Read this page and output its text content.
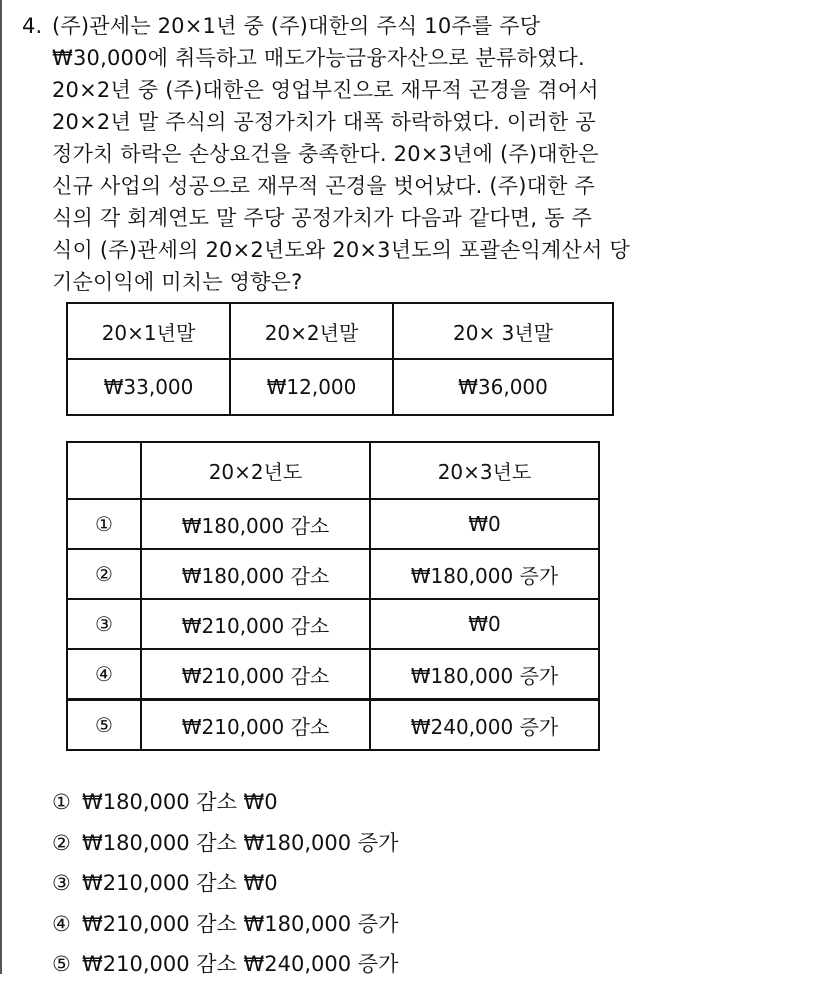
4. (주)관세는 20×1년 중 (주)대한의 주식 10주를 주당
₩30,000에 취득하고 매도가능금융자산으로 분류하였다.
20×2년 중 (주)대한은 영업부진으로 재무적 곤경을 겪어서
20×2년 말 주식의 공정가치가 대폭 하락하였다. 이러한 공
정가치 하락은 손상요건을 충족한다. 20×3년에 (주)대한은
신규 사업의 성공으로 재무적 곤경을 벗어났다. (주)대한 주
식의 각 회계연도 말 주당 공정가치가 다음과 같다면, 동 주
식이 (주)관세의 20×2년도와 20×3년도의 포괄손익계산서 당
기순이익에 미치는 영향은?
20×1년말	20×2년말	20× 3년말
₩33,000	₩12,000	₩36,000
	20×2년도	20×3년도
①	₩180,000 감소	₩0
②	₩180,000 감소	₩180,000 증가
③	₩210,000 감소	₩0
④	₩210,000 감소	₩180,000 증가
⑤	₩210,000 감소	₩240,000 증가
① ₩180,000 감소 ₩0
② ₩180,000 감소 ₩180,000 증가
③ ₩210,000 감소 ₩0
④ ₩210,000 감소 ₩180,000 증가
⑤ ₩210,000 감소 ₩240,000 증가
